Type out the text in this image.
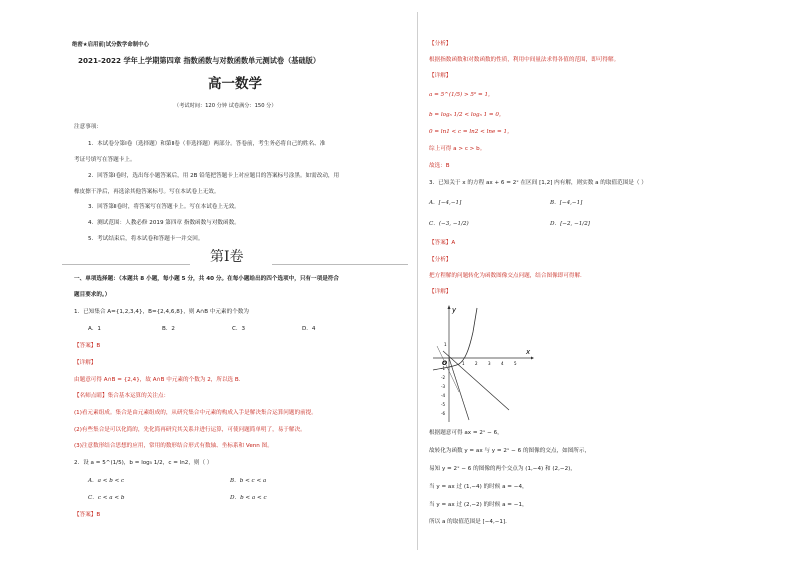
绝密★启用前|试分数学命制中心
2021-2022 学年上学期第四章 指数函数与对数函数单元测试卷（基础版）
高一数学
（考试时间：120 分钟 试卷满分：150 分）
注意事项：
1．本试卷分第Ⅰ卷（选择题）和第Ⅱ卷（非选择题）两部分。答卷前，考生务必将自己的姓名、准
考证号填写在答题卡上。
2．回答第Ⅰ卷时，选出每小题答案后，用 2B 铅笔把答题卡上对应题目的答案标号涂黑。如需改动，用
橡皮擦干净后，再选涂其他答案标号。写在本试卷上无效。
3．回答第Ⅱ卷时，将答案写在答题卡上。写在本试卷上无效。
4．测试范围：人教必修 2019 第四章 指数函数与对数函数。
5．考试结束后，将本试卷和答题卡一并交回。
第Ⅰ卷
一、单项选择题：（本题共 8 小题，每小题 5 分，共 40 分。在每小题给出的四个选项中，只有一项是符合
题目要求的。）
1．已知集合 A={1,2,3,4}，B={2,4,6,8}，则 A∩B 中元素的个数为
A．1	B．2	C．3	D．4
【答案】B
【详解】
由题意可得 A∩B = {2,4}，故 A∩B 中元素的个数为 2，所以选 B.
【名师点睛】集合基本运算的关注点：
(1)看元素组成。集合是由元素组成的，从研究集合中元素的构成入手是解决集合运算问题的前提。
(2)有些集合是可以化简的，先化简再研究其关系并进行运算，可使问题简单明了，易于解决。
(3)注意数形结合思想的应用，常用的数形结合形式有数轴、坐标系和 Venn 图。
2．设 a = 5^(1/5)，b = log₅ 1/2，c = ln2，则（ ）
A．a < b < c	B．b < c < a
C．c < a < b	D．b < a < c
【答案】B
【分析】
根据指数函数和对数函数的性质，利用中间量法求得各值的范围，即可得解。
【详解】
a = 5^(1/5) > 5⁰ = 1，
b = log₅ 1/2 < log₅ 1 = 0，
0 = ln1 < c = ln2 < lne = 1，
综上可得 a > c > b。
故选：B
3．已知关于 x 的方程 ax + 6 = 2ˣ 在区间 [1,2] 内有解，则实数 a 的取值范围是（ ）
A．[−4,−1]	B．[−4,−1]
C．(−3, −1/2)	D．[−2, −1/2]
【答案】A
【分析】
把方程解的问题转化为函数图像交点问题，结合图像即可得解.
【详解】
y
x
O	1	2	3	4	5
1
-1
-2
-3
-4
-5
-6
根据题意可得 ax = 2ˣ − 6，
故转化为函数 y = ax 与 y = 2ˣ − 6 的图像的交点，如图所示，
易知 y = 2ˣ − 6 的图像的两个交点为 (1,−4) 和 (2,−2)，
当 y = ax 过 (1,−4) 的时候 a = −4，
当 y = ax 过 (2,−2) 的时候 a = −1，
所以 a 的取值范围是 [−4,−1].
